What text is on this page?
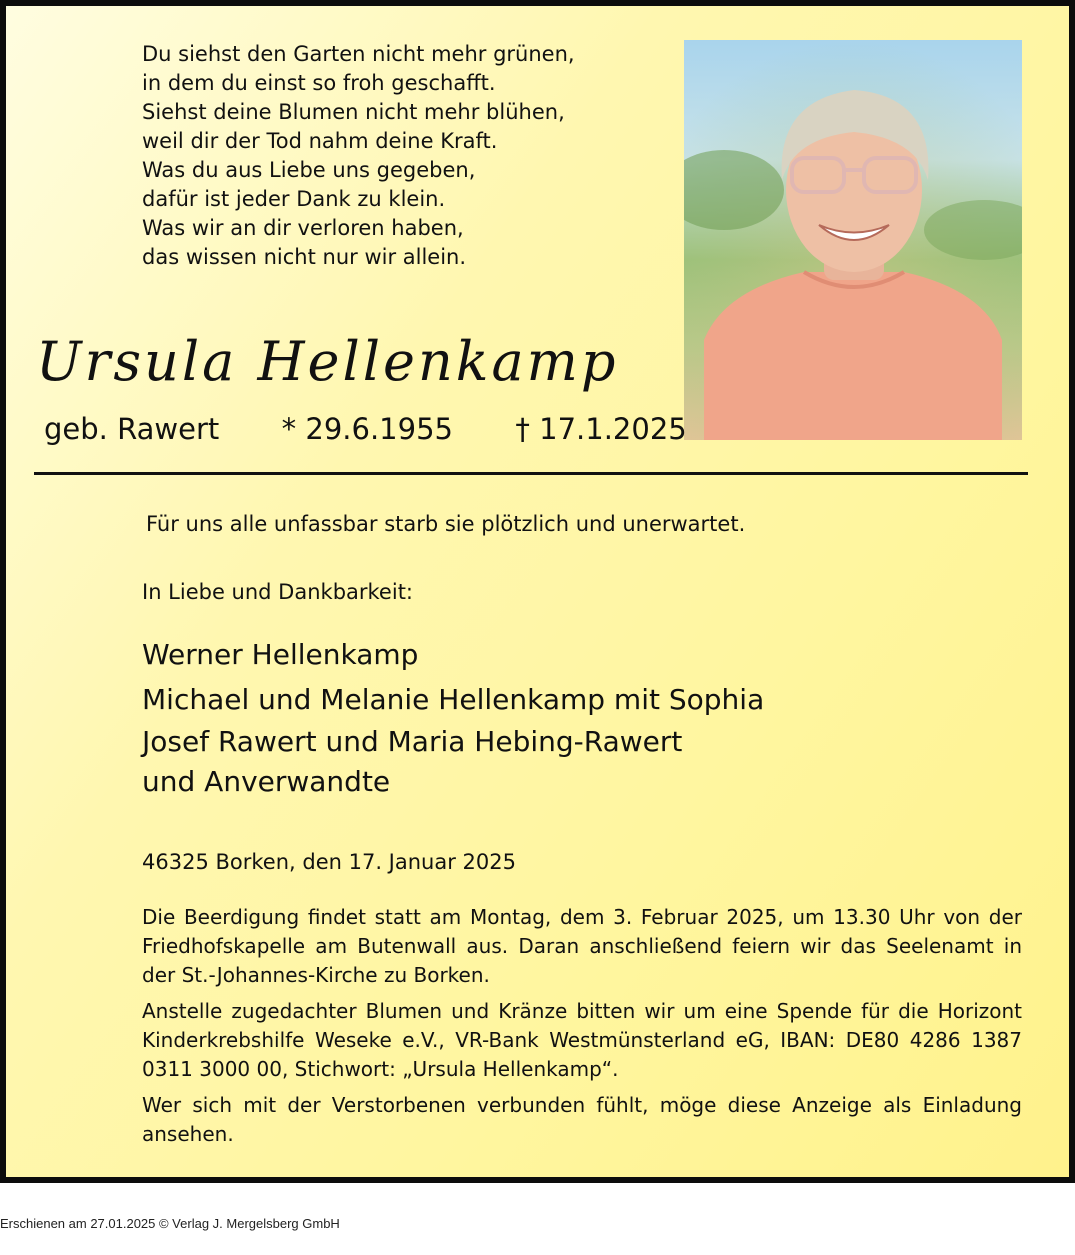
Du siehst den Garten nicht mehr grünen,
in dem du einst so froh geschafft.
Siehst deine Blumen nicht mehr blühen,
weil dir der Tod nahm deine Kraft.
Was du aus Liebe uns gegeben,
dafür ist jeder Dank zu klein.
Was wir an dir verloren haben,
das wissen nicht nur wir allein.
Ursula Hellenkamp
geb. Rawert * 29.6.1955 † 17.1.2025
Für uns alle unfassbar starb sie plötzlich und unerwartet.
In Liebe und Dankbarkeit:
Werner Hellenkamp
Michael und Melanie Hellenkamp mit Sophia
Josef Rawert und Maria Hebing-Rawert
und Anverwandte
46325 Borken, den 17. Januar 2025

Die Beerdigung findet statt am Montag, dem 3. Februar 2025, um 13.30 Uhr von der Friedhofskapelle am Butenwall aus. Daran anschließend feiern wir das Seelenamt in der St.-Johannes-Kirche zu Borken.

Anstelle zugedachter Blumen und Kränze bitten wir um eine Spende für die Horizont Kinderkrebshilfe Weseke e.V., VR-Bank Westmünsterland eG, IBAN: DE80 4286 1387 0311 3000 00, Stichwort: „Ursula Hellenkamp“.

Wer sich mit der Verstorbenen verbunden fühlt, möge diese Anzeige als Einladung ansehen.

Erschienen am 27.01.2025 © Verlag J. Mergelsberg GmbH
